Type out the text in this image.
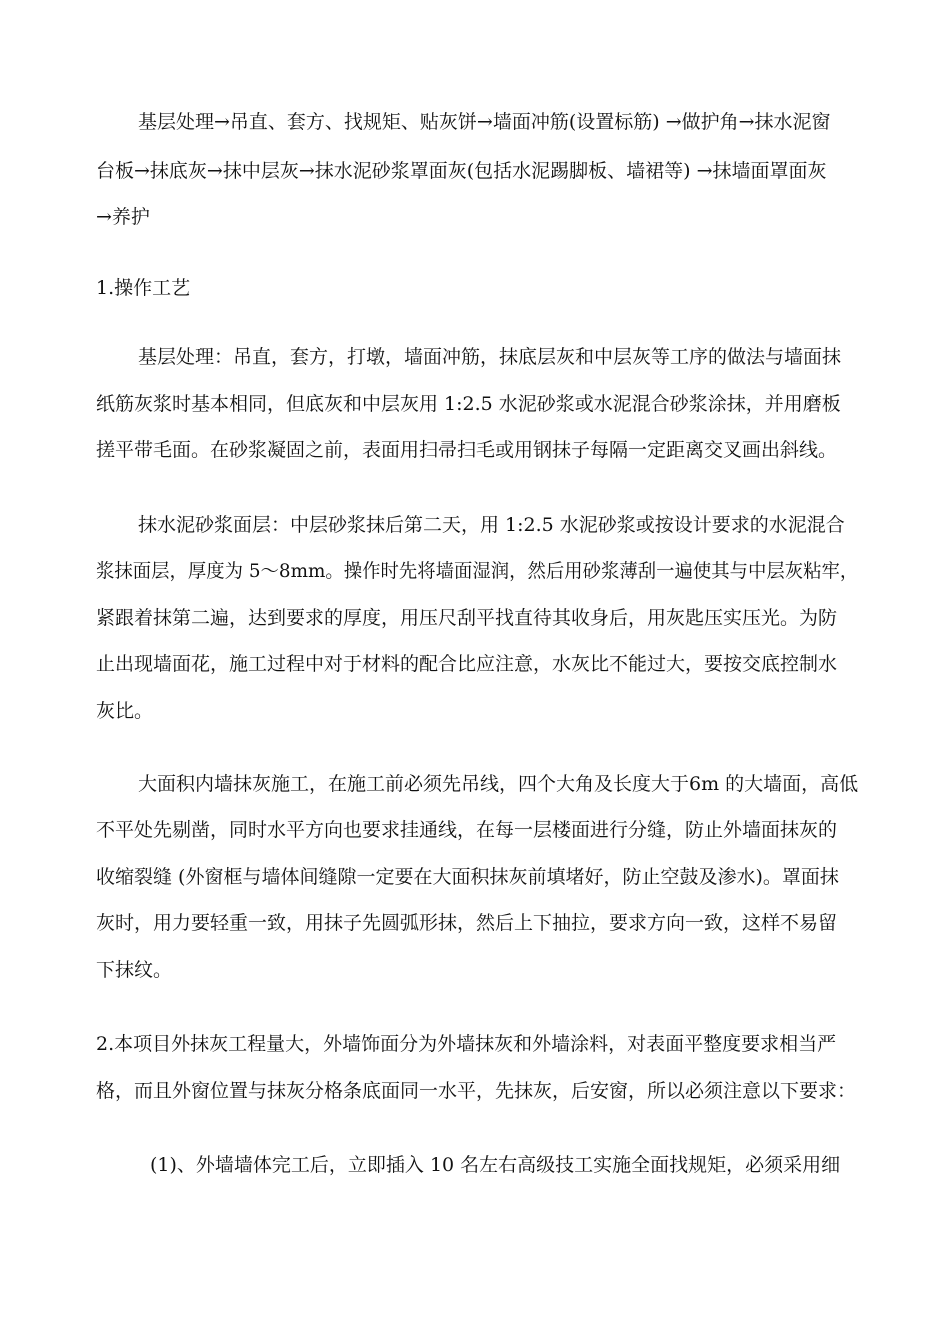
基层处理→吊直、套方、找规矩、贴灰饼→墙面冲筋(设置标筋) →做护角→抹水泥窗
台板→抹底灰→抹中层灰→抹水泥砂浆罩面灰(包括水泥踢脚板、墙裙等) →抹墙面罩面灰
→养护
1.操作工艺
基层处理：吊直，套方，打墩，墙面冲筋，抹底层灰和中层灰等工序的做法与墙面抹
纸筋灰浆时基本相同，但底灰和中层灰用 1:2.5 水泥砂浆或水泥混合砂浆涂抹，并用磨板
搓平带毛面。在砂浆凝固之前，表面用扫帚扫毛或用钢抹子每隔一定距离交叉画出斜线。
抹水泥砂浆面层：中层砂浆抹后第二天，用 1:2.5 水泥砂浆或按设计要求的水泥混合
浆抹面层，厚度为 5～8mm。操作时先将墙面湿润，然后用砂浆薄刮一遍使其与中层灰粘牢，
紧跟着抹第二遍，达到要求的厚度，用压尺刮平找直待其收身后，用灰匙压实压光。为防
止出现墙面花，施工过程中对于材料的配合比应注意，水灰比不能过大，要按交底控制水
灰比。
大面积内墙抹灰施工，在施工前必须先吊线，四个大角及长度大于6m 的大墙面，高低
不平处先剔凿，同时水平方向也要求挂通线，在每一层楼面进行分缝，防止外墙面抹灰的
收缩裂缝 (外窗框与墙体间缝隙一定要在大面积抹灰前填堵好，防止空鼓及渗水)。罩面抹
灰时，用力要轻重一致，用抹子先圆弧形抹，然后上下抽拉，要求方向一致，这样不易留
下抹纹。
2.本项目外抹灰工程量大，外墙饰面分为外墙抹灰和外墙涂料，对表面平整度要求相当严
格，而且外窗位置与抹灰分格条底面同一水平，先抹灰，后安窗，所以必须注意以下要求：
(1)、外墙墙体完工后，立即插入 10 名左右高级技工实施全面找规矩，必须采用细
